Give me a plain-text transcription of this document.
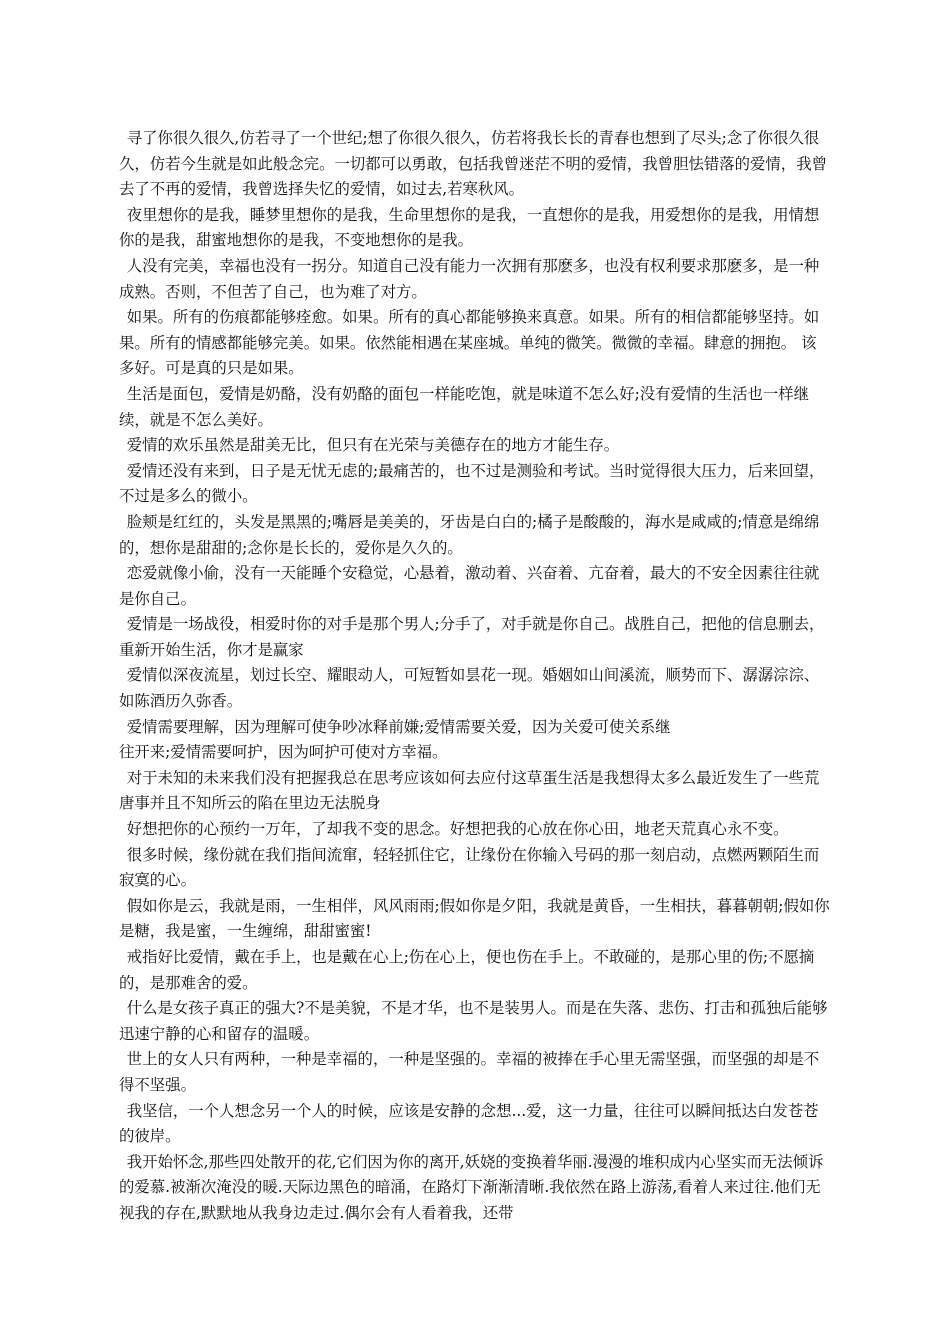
寻了你很久很久,仿若寻了一个世纪;想了你很久很久，仿若将我长长的青春也想到了尽头;念了你很久很久，仿若今生就是如此般念完。一切都可以勇敢，包括我曾迷茫不明的爱情，我曾胆怯错落的爱情，我曾去了不再的爱情，我曾选择失忆的爱情，如过去,若寒秋风。

夜里想你的是我，睡梦里想你的是我，生命里想你的是我，一直想你的是我，用爱想你的是我，用情想你的是我，甜蜜地想你的是我，不变地想你的是我。

人没有完美，幸福也没有一拐分。知道自己没有能力一次拥有那麽多，也没有权利要求那麽多，是一种成熟。否则，不但苦了自己，也为难了对方。

如果。所有的伤痕都能够痊愈。如果。所有的真心都能够换来真意。如果。所有的相信都能够坚持。如果。所有的情感都能够完美。如果。依然能相遇在某座城。单纯的微笑。微微的幸福。肆意的拥抱。 该多好。可是真的只是如果。

生活是面包，爱情是奶酪，没有奶酪的面包一样能吃饱，就是味道不怎么好;没有爱情的生活也一样继续，就是不怎么美好。

爱情的欢乐虽然是甜美无比，但只有在光荣与美德存在的地方才能生存。

爱情还没有来到，日子是无忧无虑的;最痛苦的，也不过是测验和考试。当时觉得很大压力，后来回望，不过是多么的微小。

脸颊是红红的，头发是黑黑的;嘴唇是美美的，牙齿是白白的;橘子是酸酸的，海水是咸咸的;情意是绵绵的，想你是甜甜的;念你是长长的，爱你是久久的。

恋爱就像小偷，没有一天能睡个安稳觉，心悬着，激动着、兴奋着、亢奋着，最大的不安全因素往往就是你自己。

爱情是一场战役，相爱时你的对手是那个男人;分手了，对手就是你自己。战胜自己，把他的信息删去，重新开始生活，你才是赢家

爱情似深夜流星，划过长空、耀眼动人，可短暂如昙花一现。婚姻如山间溪流，顺势而下、潺潺淙淙、如陈酒历久弥香。

爱情需要理解，因为理解可使争吵冰释前嫌;爱情需要关爱，因为关爱可使关系继
往开来;爱情需要呵护，因为呵护可使对方幸福。

对于未知的未来我们没有把握我总在思考应该如何去应付这草蛋生活是我想得太多么最近发生了一些荒唐事并且不知所云的陷在里边无法脱身

好想把你的心预约一万年，了却我不变的思念。好想把我的心放在你心田，地老天荒真心永不变。

很多时候，缘份就在我们指间流窜，轻轻抓住它，让缘份在你输入号码的那一刻启动，点燃两颗陌生而寂寞的心。

假如你是云，我就是雨，一生相伴，风风雨雨;假如你是夕阳，我就是黄昏，一生相扶，暮暮朝朝;假如你是糖，我是蜜，一生缠绵，甜甜蜜蜜!

戒指好比爱情，戴在手上，也是戴在心上;伤在心上，便也伤在手上。不敢碰的，是那心里的伤;不愿摘的，是那难舍的爱。

什么是女孩子真正的强大?不是美貌，不是才华，也不是装男人。而是在失落、悲伤、打击和孤独后能够迅速宁静的心和留存的温暖。

世上的女人只有两种，一种是幸福的，一种是坚强的。幸福的被捧在手心里无需坚强，而坚强的却是不得不坚强。

我坚信，一个人想念另一个人的时候，应该是安静的念想...爱，这一力量，往往可以瞬间抵达白发苍苍的彼岸。

我开始怀念,那些四处散开的花,它们因为你的离开,妖娆的变换着华丽.漫漫的堆积成内心坚实而无法倾诉的爱慕.被渐次淹没的暖.天际边黑色的暗涌，在路灯下渐渐清晰.我依然在路上游荡,看着人来过往.他们无视我的存在,默默地从我身边走过.偶尔会有人看着我，还带
